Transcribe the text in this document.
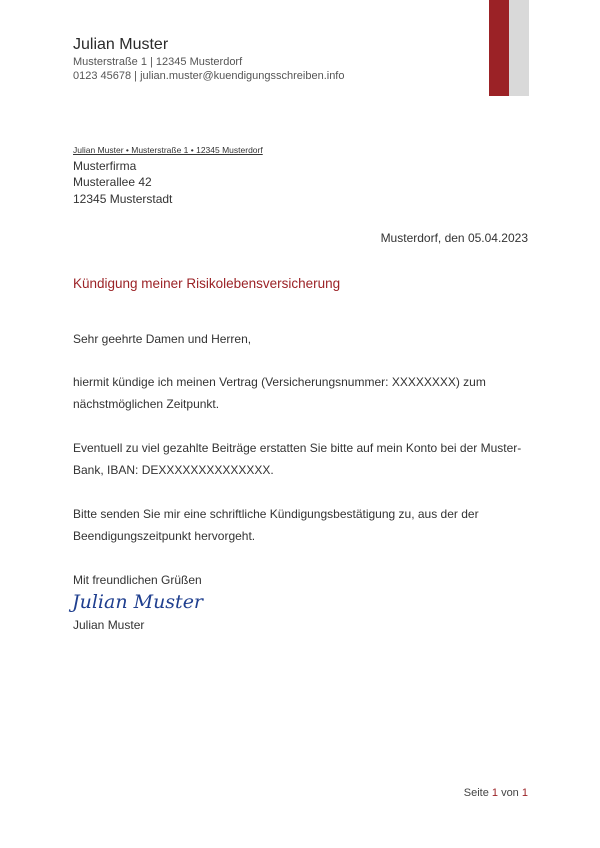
Julian Muster
Musterstraße 1 | 12345 Musterdorf
0123 45678 | julian.muster@kuendigungsschreiben.info
Julian Muster • Musterstraße 1 • 12345 Musterdorf
Musterfirma
Musterallee 42
12345 Musterstadt
Musterdorf, den 05.04.2023
Kündigung meiner Risikolebensversicherung

Sehr geehrte Damen und Herren,

hiermit kündige ich meinen Vertrag (Versicherungsnummer: XXXXXXXX) zum nächstmöglichen Zeitpunkt.

Eventuell zu viel gezahlte Beiträge erstatten Sie bitte auf mein Konto bei der Muster-Bank, IBAN: DEXXXXXXXXXXXXXX.

Bitte senden Sie mir eine schriftliche Kündigungsbestätigung zu, aus der der Beendigungszeitpunkt hervorgeht.

Mit freundlichen Grüßen

Julian Muster
Julian Muster
Seite 1 von 1
